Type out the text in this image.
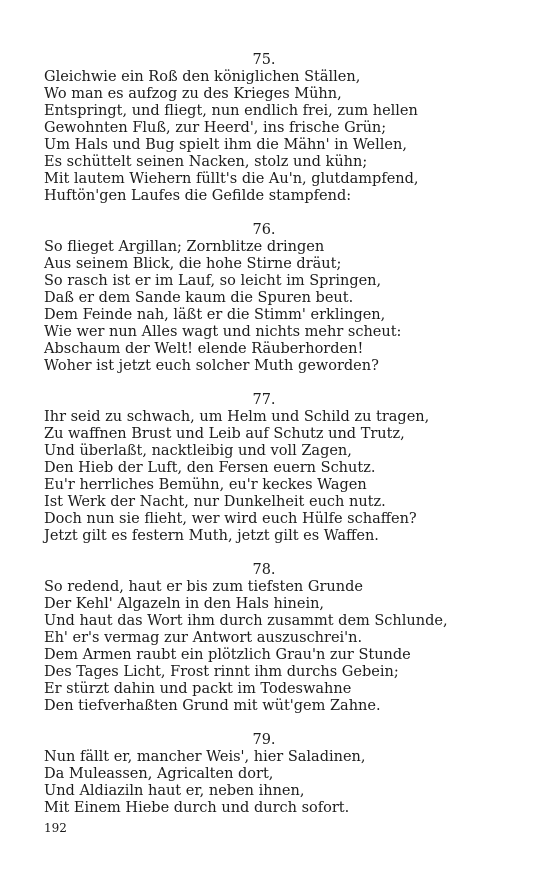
75.
Gleichwie ein Roß den königlichen Ställen,
Wo man es aufzog zu des Krieges Mühn,
Entspringt, und fliegt, nun endlich frei, zum hellen
Gewohnten Fluß, zur Heerd', ins frische Grün;
Um Hals und Bug spielt ihm die Mähn' in Wellen,
Es schüttelt seinen Nacken, stolz und kühn;
Mit lautem Wiehern füllt's die Au'n, glutdampfend,
Huftön'gen Laufes die Gefilde stampfend:
76.
So flieget Argillan; Zornblitze dringen
Aus seinem Blick, die hohe Stirne dräut;
So rasch ist er im Lauf, so leicht im Springen,
Daß er dem Sande kaum die Spuren beut.
Dem Feinde nah, läßt er die Stimm' erklingen,
Wie wer nun Alles wagt und nichts mehr scheut:
Abschaum der Welt! elende Räuberhorden!
Woher ist jetzt euch solcher Muth geworden?
77.
Ihr seid zu schwach, um Helm und Schild zu tragen,
Zu waffnen Brust und Leib auf Schutz und Trutz,
Und überlaßt, nacktleibig und voll Zagen,
Den Hieb der Luft, den Fersen euern Schutz.
Eu'r herrliches Bemühn, eu'r keckes Wagen
Ist Werk der Nacht, nur Dunkelheit euch nutz.
Doch nun sie flieht, wer wird euch Hülfe schaffen?
Jetzt gilt es festern Muth, jetzt gilt es Waffen.
78.
So redend, haut er bis zum tiefsten Grunde
Der Kehl' Algazeln in den Hals hinein,
Und haut das Wort ihm durch zusammt dem Schlunde,
Eh' er's vermag zur Antwort auszuschrei'n.
Dem Armen raubt ein plötzlich Grau'n zur Stunde
Des Tages Licht, Frost rinnt ihm durchs Gebein;
Er stürzt dahin und packt im Todeswahne
Den tiefverhaßten Grund mit wüt'gem Zahne.
79.
Nun fällt er, mancher Weis', hier Saladinen,
Da Muleassen, Agricalten dort,
Und Aldiaziln haut er, neben ihnen,
Mit Einem Hiebe durch und durch sofort.
192
